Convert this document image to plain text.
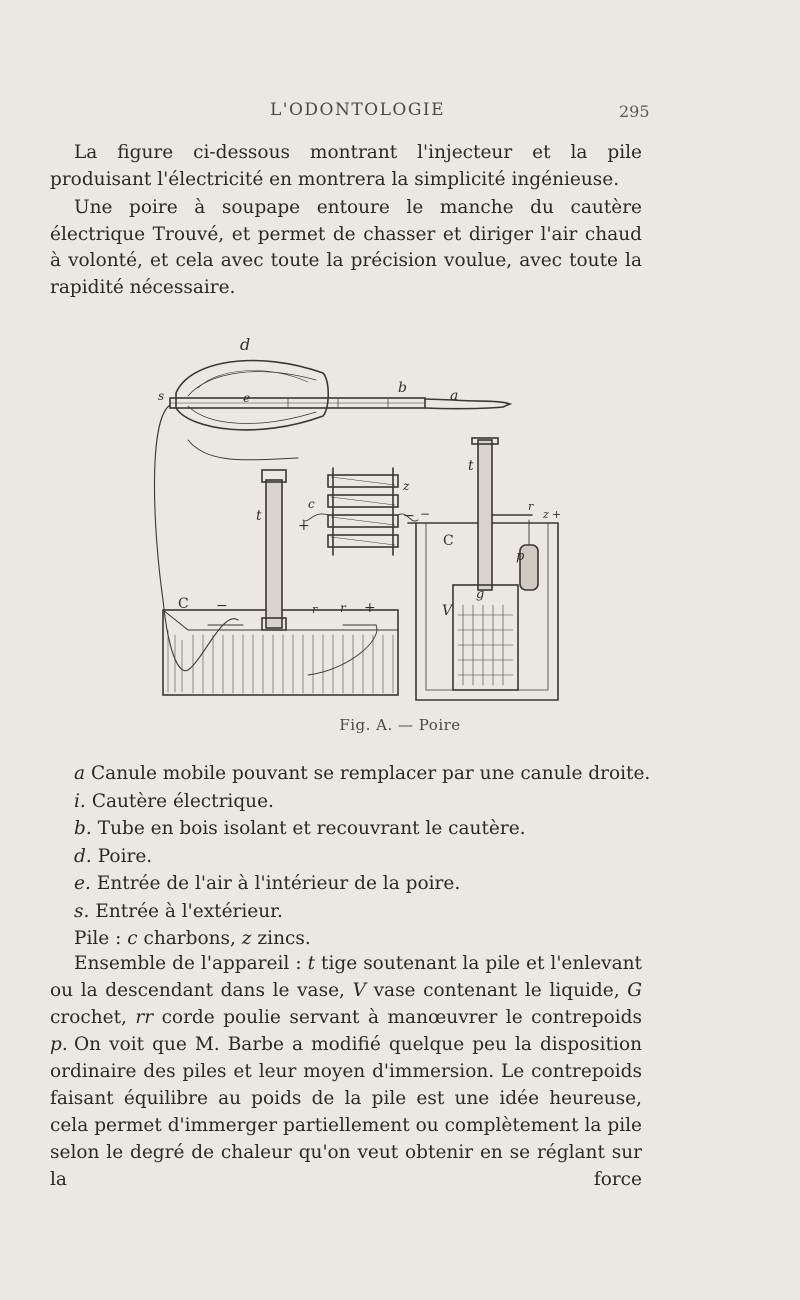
L'ODONTOLOGIE	295

La figure ci-dessous montrant l'injecteur et la pile produisant l'électricité en montrera la simplicité ingénieuse.

Une poire à soupape entoure le manche du cautère électrique Trouvé, et permet de chasser et diriger l'air chaud à volonté, et cela avec toute la précision voulue, avec toute la rapidité nécessaire.

d
s	e
b	a
t
c
C −	+
r
+
−
z
t
C
V
g
p
r
z +
−
r
Fig. A. — Poire
a Canule mobile pouvant se remplacer par une canule droite.
i. Cautère électrique.
b. Tube en bois isolant et recouvrant le cautère.
d. Poire.
e. Entrée de l'air à l'intérieur de la poire.
s. Entrée à l'extérieur.
Pile : c charbons, z zincs.

Ensemble de l'appareil : t tige soutenant la pile et l'enlevant ou la descendant dans le vase, V vase contenant le liquide, G crochet, rr corde poulie servant à manœuvrer le contrepoids p. On voit que M. Barbe a modifié quelque peu la disposition ordinaire des piles et leur moyen d'immersion. Le contrepoids faisant équilibre au poids de la pile est une idée heureuse, cela permet d'immerger partiellement ou complètement la pile selon le degré de chaleur qu'on veut obtenir en se réglant sur la force
